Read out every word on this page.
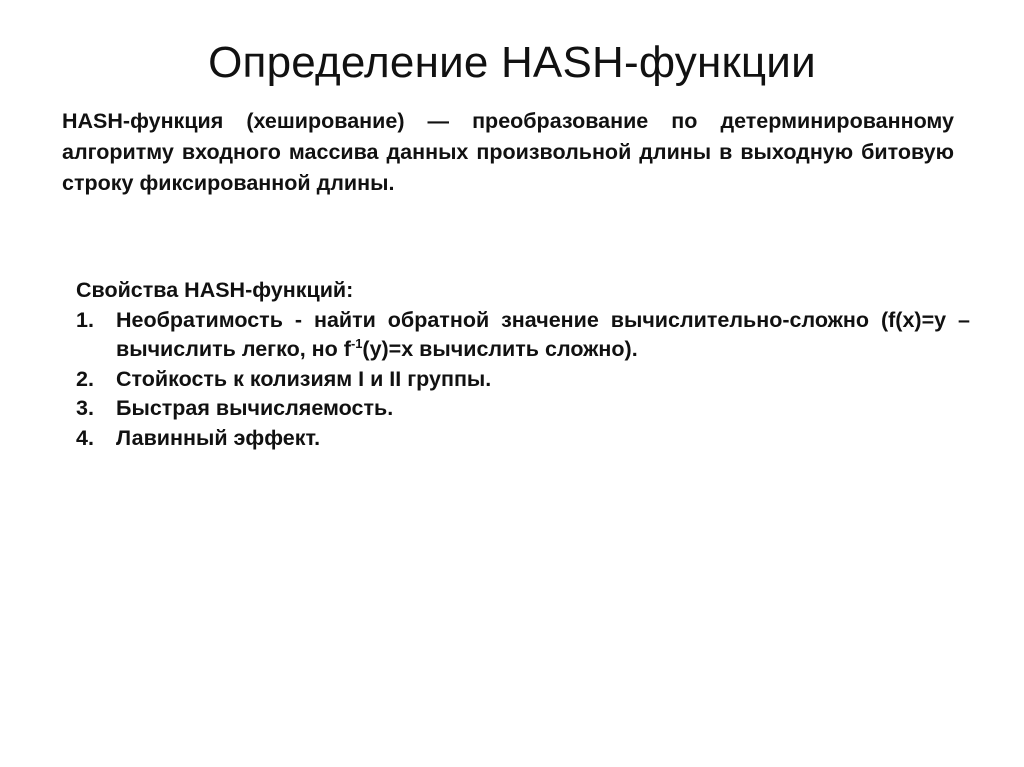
Определение HASH-функции

HASH-функция (хеширование) — преобразование по детерминированному алгоритму входного массива данных произвольной длины в выходную битовую строку фиксированной длины.

Свойства HASH-функций:

1. Необратимость - найти обратной значение вычислительно-сложно (f(x)=y – вычислить легко, но $f^{-1}(y)=x$ вычислить сложно).
2. Стойкость к колизиям I и II группы.
3. Быстрая вычисляемость.
4. Лавинный эффект.
